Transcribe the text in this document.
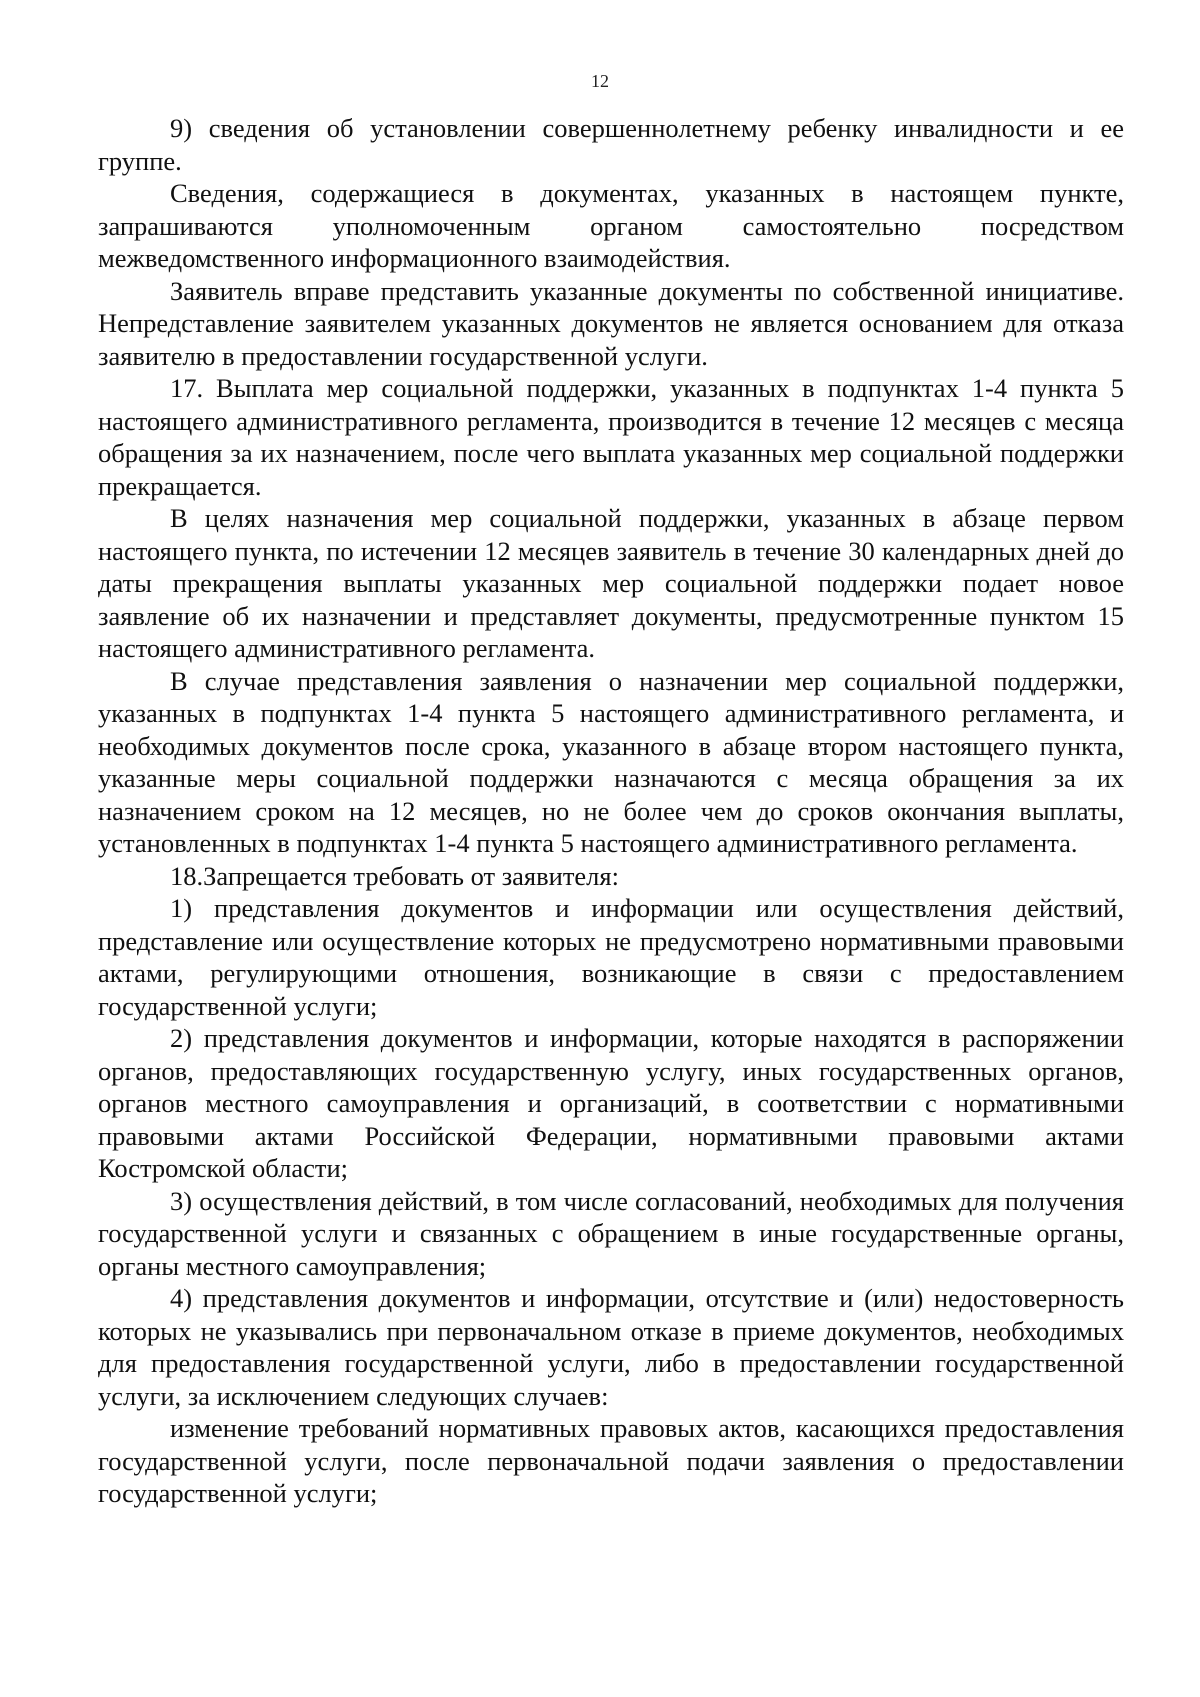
12

9) сведения об установлении совершеннолетнему ребенку инвалидности и ее группе.

Сведения, содержащиеся в документах, указанных в настоящем пункте, запрашиваются уполномоченным органом самостоятельно посредством межведомственного информационного взаимодействия.

Заявитель вправе представить указанные документы по собственной инициативе. Непредставление заявителем указанных документов не является основанием для отказа заявителю в предоставлении государственной услуги.

17. Выплата мер социальной поддержки, указанных в подпунктах 1-4 пункта 5 настоящего административного регламента, производится в течение 12 месяцев с месяца обращения за их назначением, после чего выплата указанных мер социальной поддержки прекращается.

В целях назначения мер социальной поддержки, указанных в абзаце первом настоящего пункта, по истечении 12 месяцев заявитель в течение 30 календарных дней до даты прекращения выплаты указанных мер социальной поддержки подает новое заявление об их назначении и представляет документы, предусмотренные пунктом 15 настоящего административного регламента.

В случае представления заявления о назначении мер социальной поддержки, указанных в подпунктах 1-4 пункта 5 настоящего административного регламента, и необходимых документов после срока, указанного в абзаце втором настоящего пункта, указанные меры социальной поддержки назначаются с месяца обращения за их назначением сроком на 12 месяцев, но не более чем до сроков окончания выплаты, установленных в подпунктах 1-4 пункта 5 настоящего административного регламента.

18.Запрещается требовать от заявителя:

1) представления документов и информации или осуществления действий, представление или осуществление которых не предусмотрено нормативными правовыми актами, регулирующими отношения, возникающие в связи с предоставлением государственной услуги;

2) представления документов и информации, которые находятся в распоряжении органов, предоставляющих государственную услугу, иных государственных органов, органов местного самоуправления и организаций, в соответствии с нормативными правовыми актами Российской Федерации, нормативными правовыми актами Костромской области;

3) осуществления действий, в том числе согласований, необходимых для получения государственной услуги и связанных с обращением в иные государственные органы, органы местного самоуправления;

4) представления документов и информации, отсутствие и (или) недостоверность которых не указывались при первоначальном отказе в приеме документов, необходимых для предоставления государственной услуги, либо в предоставлении государственной услуги, за исключением следующих случаев:

изменение требований нормативных правовых актов, касающихся предоставления государственной услуги, после первоначальной подачи заявления о предоставлении государственной услуги;
